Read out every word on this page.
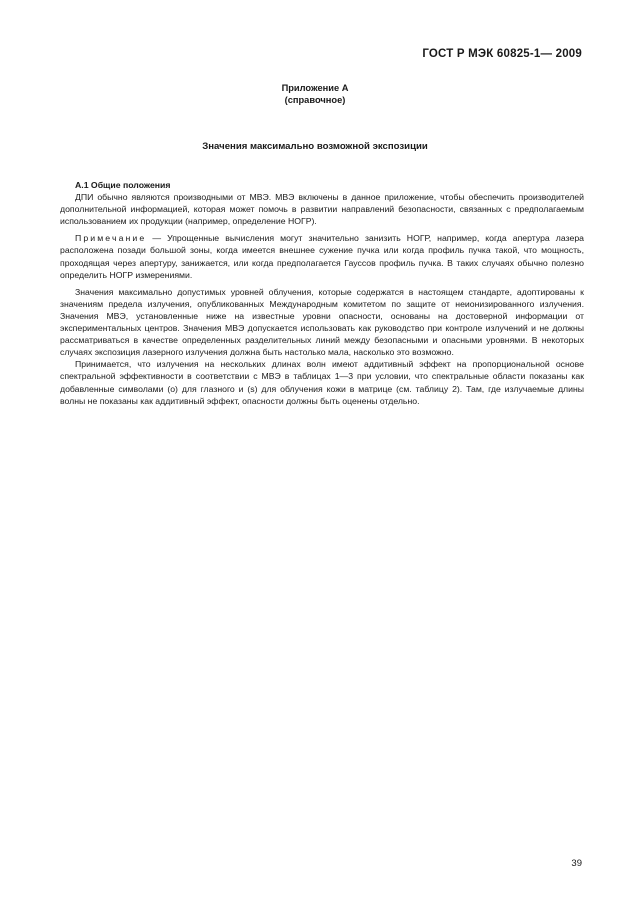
ГОСТ Р МЭК 60825-1— 2009
Приложение А
(справочное)
Значения максимально возможной экспозиции

А.1 Общие положения

ДПИ обычно являются производными от МВЭ. МВЭ включены в данное приложение, чтобы обеспечить производителей дополнительной информацией, которая может помочь в развитии направлений безопасности, связанных с предполагаемым использованием их продукции (например, определение НОГР).

Примечание — Упрощенные вычисления могут значительно занизить НОГР, например, когда апертура лазера расположена позади большой зоны, когда имеется внешнее сужение пучка или когда профиль пучка такой, что мощность, проходящая через апертуру, занижается, или когда предполагается Гауссов профиль пучка. В таких случаях обычно полезно определить НОГР измерениями.

Значения максимально допустимых уровней облучения, которые содержатся в настоящем стандарте, адоптированы к значениям предела излучения, опубликованных Международным комитетом по защите от неионизированного излучения. Значения МВЭ, установленные ниже на известные уровни опасности, основаны на достоверной информации от экспериментальных центров. Значения МВЭ допускается использовать как руководство при контроле излучений и не должны рассматриваться в качестве определенных разделительных линий между безопасными и опасными уровнями. В некоторых случаях экспозиция лазерного излучения должна быть настолько мала, насколько это возможно.

Принимается, что излучения на нескольких длинах волн имеют аддитивный эффект на пропорциональной основе спектральной эффективности в соответствии с МВЭ в таблицах 1—3 при условии, что спектральные области показаны как добавленные символами (о) для глазного и (s) для облучения кожи в матрице (см. таблицу 2). Там, где излучаемые длины волны не показаны как аддитивный эффект, опасности должны быть оценены отдельно.

39
